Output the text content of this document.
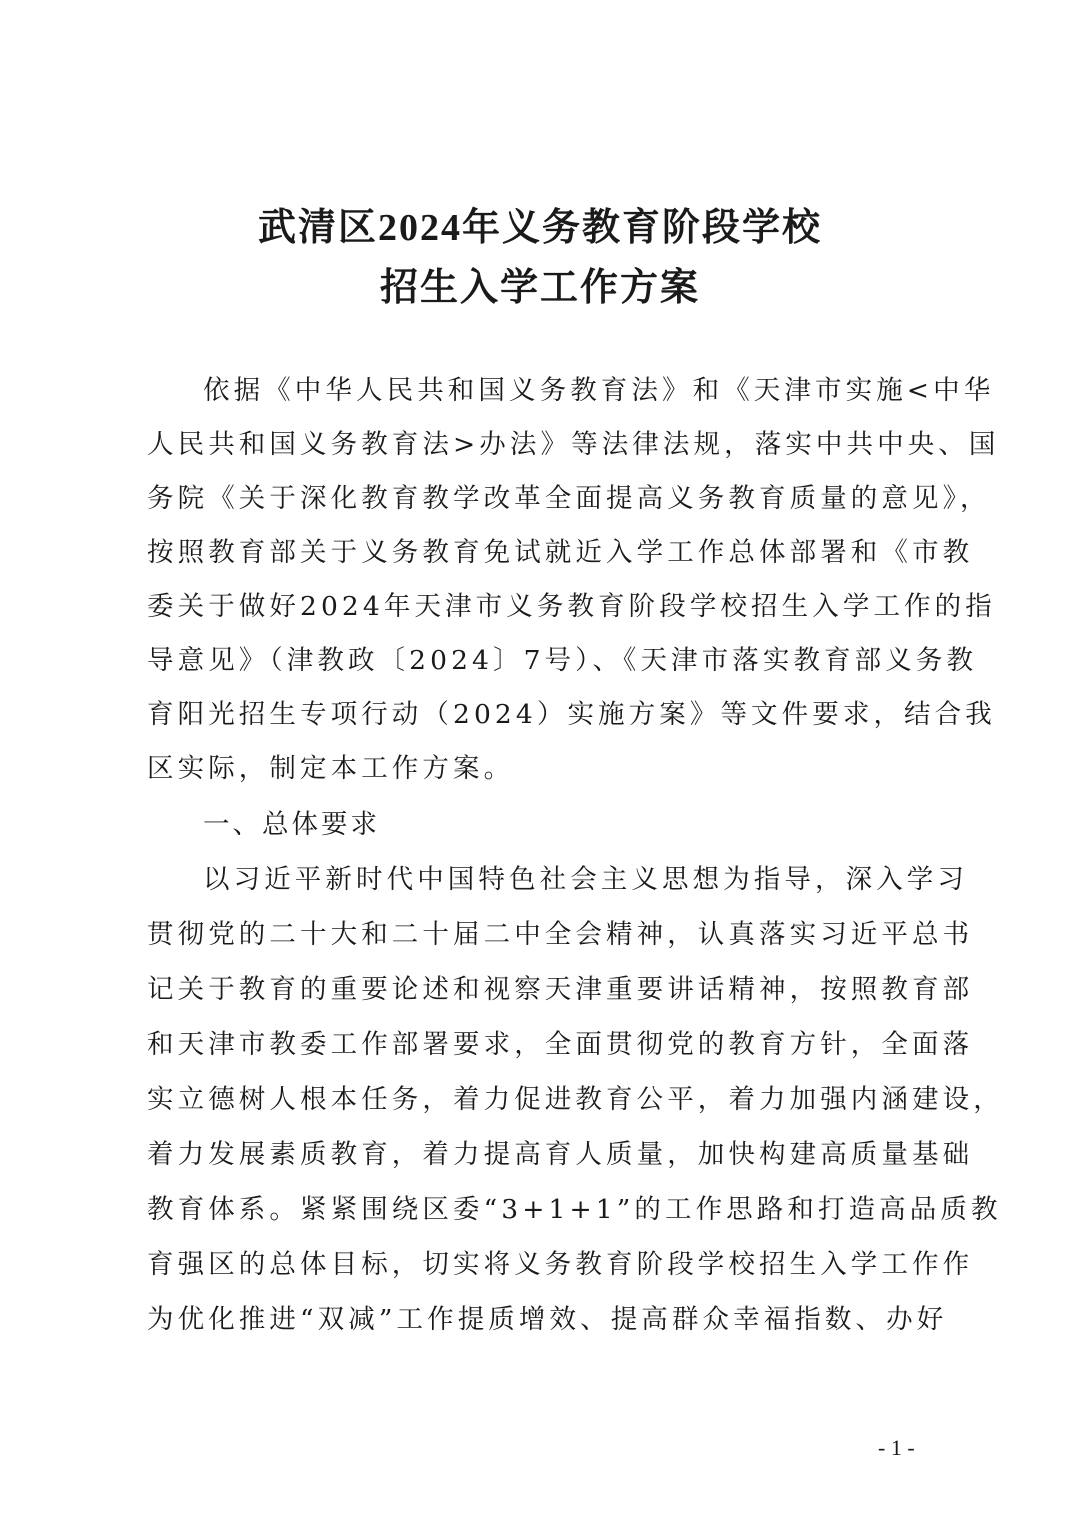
武清区2024年义务教育阶段学校
招生入学工作方案
依据《中华人民共和国义务教育法》和《天津市实施<中华
人民共和国义务教育法>办法》等法律法规，落实中共中央、国
务院《关于深化教育教学改革全面提高义务教育质量的意见》，
按照教育部关于义务教育免试就近入学工作总体部署和《市教
委关于做好2024年天津市义务教育阶段学校招生入学工作的指
导意见》（津教政〔2024〕7号）、《天津市落实教育部义务教
育阳光招生专项行动（2024）实施方案》等文件要求，结合我
区实际，制定本工作方案。
一、总体要求
以习近平新时代中国特色社会主义思想为指导，深入学习
贯彻党的二十大和二十届二中全会精神，认真落实习近平总书
记关于教育的重要论述和视察天津重要讲话精神，按照教育部
和天津市教委工作部署要求，全面贯彻党的教育方针，全面落
实立德树人根本任务，着力促进教育公平，着力加强内涵建设，
着力发展素质教育，着力提高育人质量，加快构建高质量基础
教育体系。紧紧围绕区委“3+1+1”的工作思路和打造高品质教
育强区的总体目标，切实将义务教育阶段学校招生入学工作作
为优化推进“双减”工作提质增效、提高群众幸福指数、办好
- 1 -
